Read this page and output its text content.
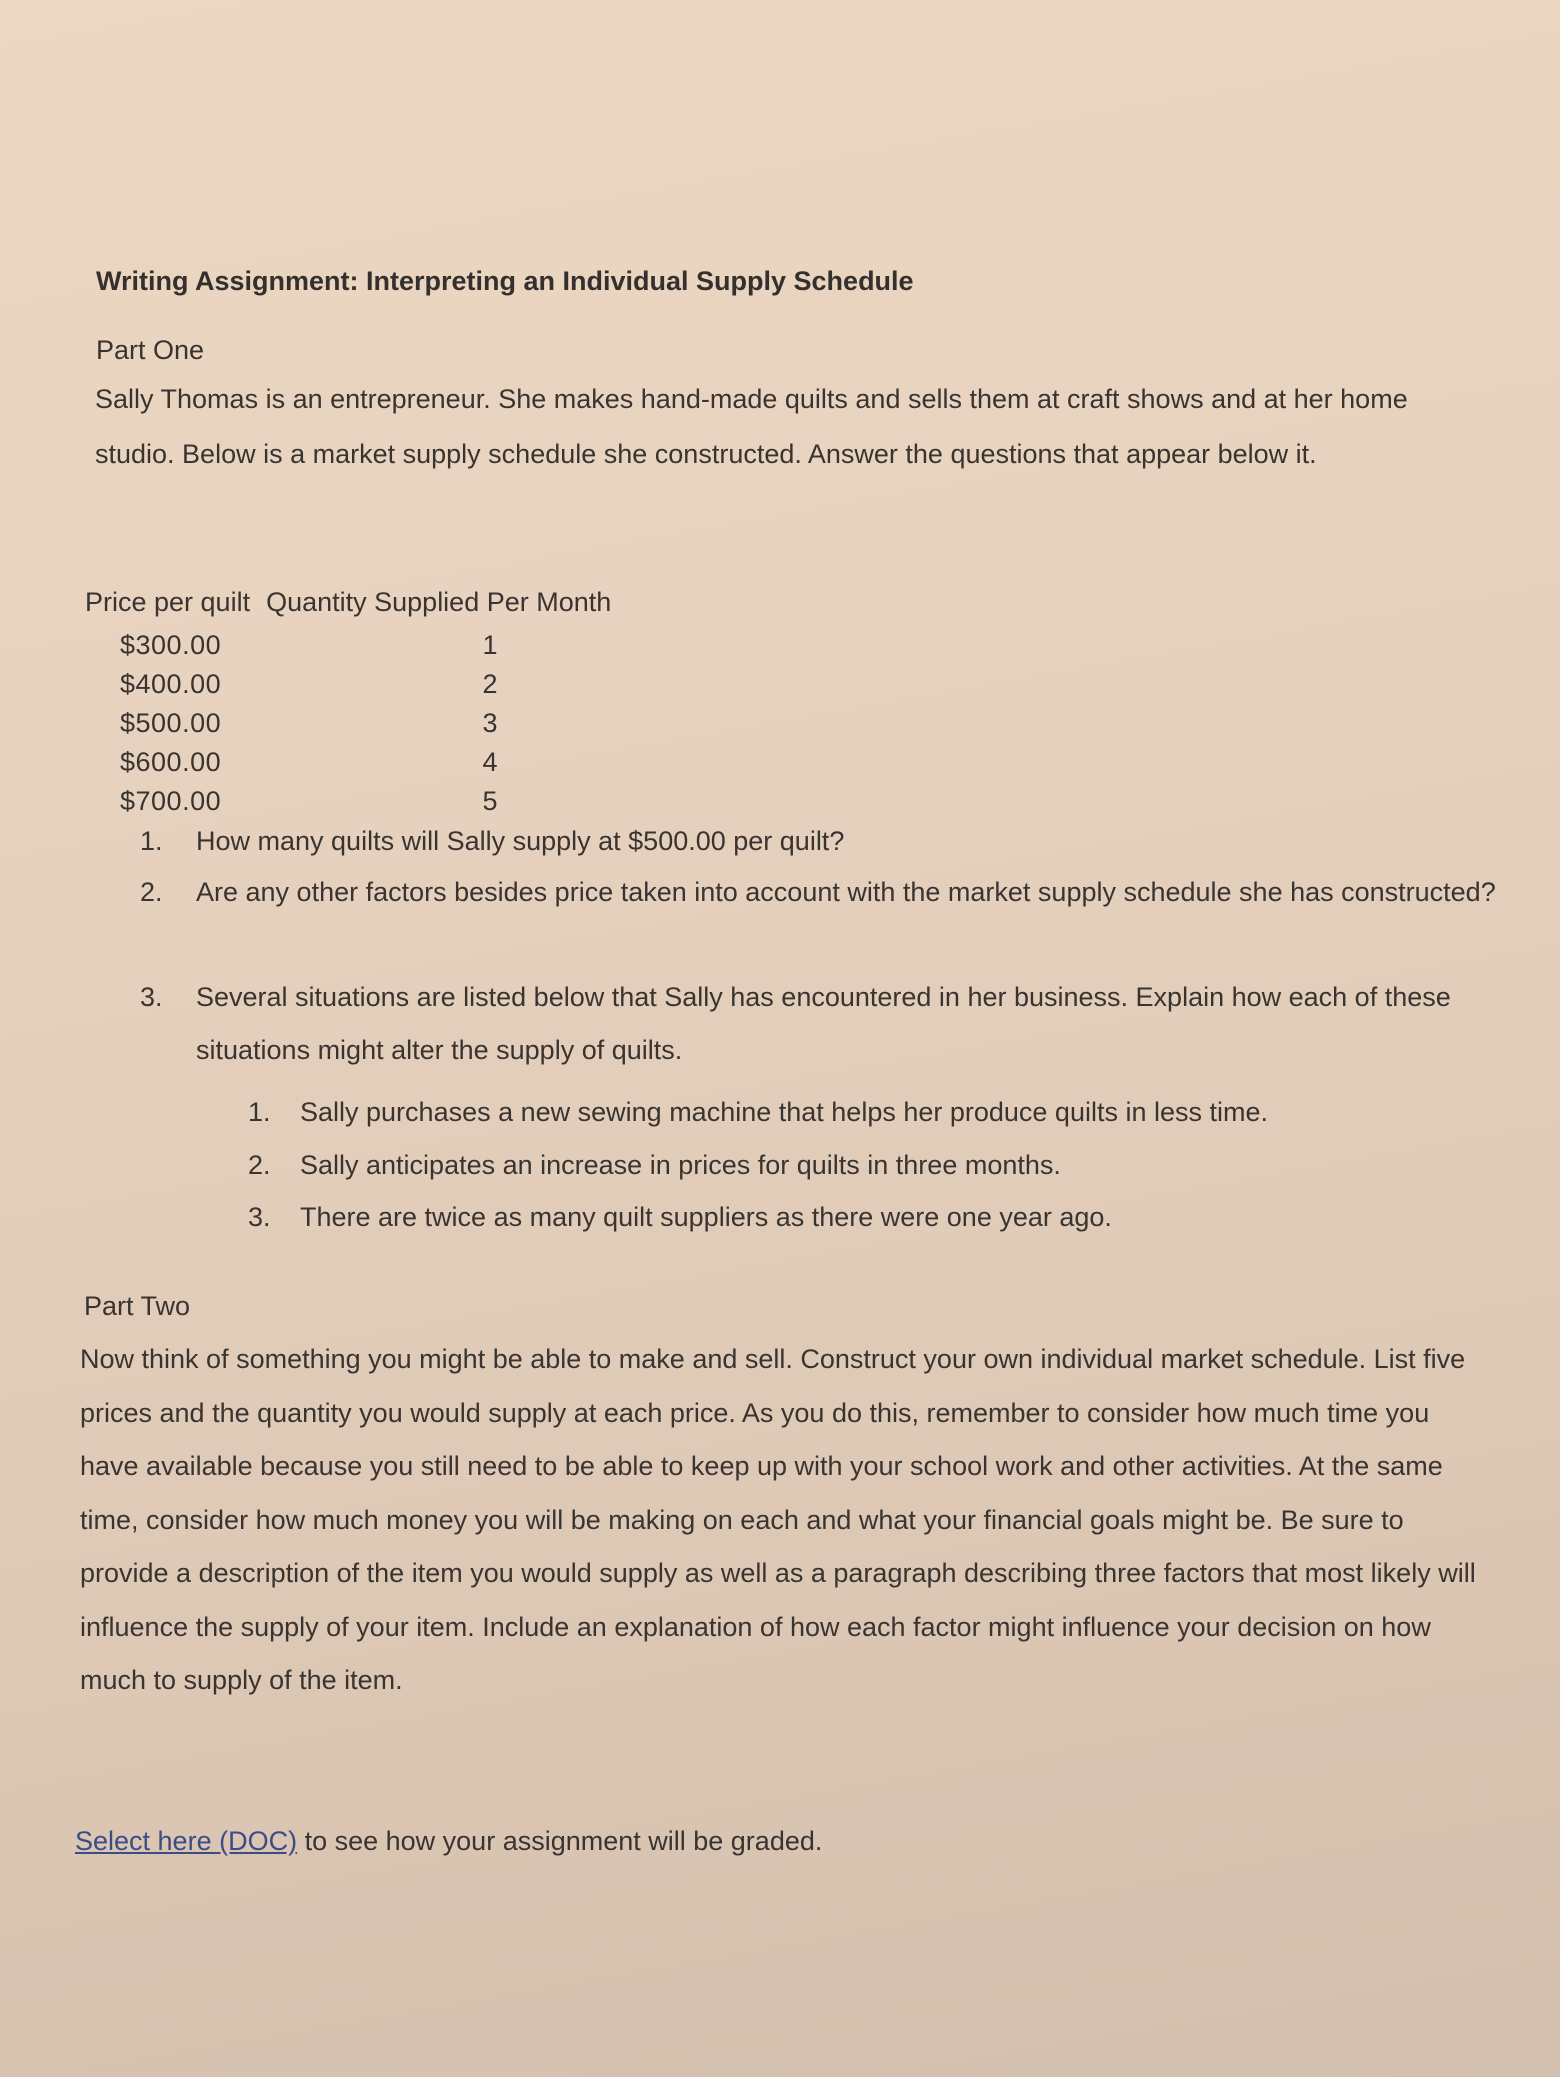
Writing Assignment: Interpreting an Individual Supply Schedule
Part One
Sally Thomas is an entrepreneur. She makes hand-made quilts and sells them at craft shows and at her home studio. Below is a market supply schedule she constructed. Answer the questions that appear below it.
Price per quilt Quantity Supplied Per Month
$300.00	1
$400.00	2
$500.00	3
$600.00	4
$700.00	5
1. How many quilts will Sally supply at $500.00 per quilt?
2. Are any other factors besides price taken into account with the market supply schedule she has constructed?
3. Several situations are listed below that Sally has encountered in her business. Explain how each of these situations might alter the supply of quilts.
1. Sally purchases a new sewing machine that helps her produce quilts in less time.
2. Sally anticipates an increase in prices for quilts in three months.
3. There are twice as many quilt suppliers as there were one year ago.
Part Two
Now think of something you might be able to make and sell. Construct your own individual market schedule. List five prices and the quantity you would supply at each price. As you do this, remember to consider how much time you have available because you still need to be able to keep up with your school work and other activities. At the same time, consider how much money you will be making on each and what your financial goals might be. Be sure to provide a description of the item you would supply as well as a paragraph describing three factors that most likely will influence the supply of your item. Include an explanation of how each factor might influence your decision on how much to supply of the item.
Select here (DOC) to see how your assignment will be graded.
